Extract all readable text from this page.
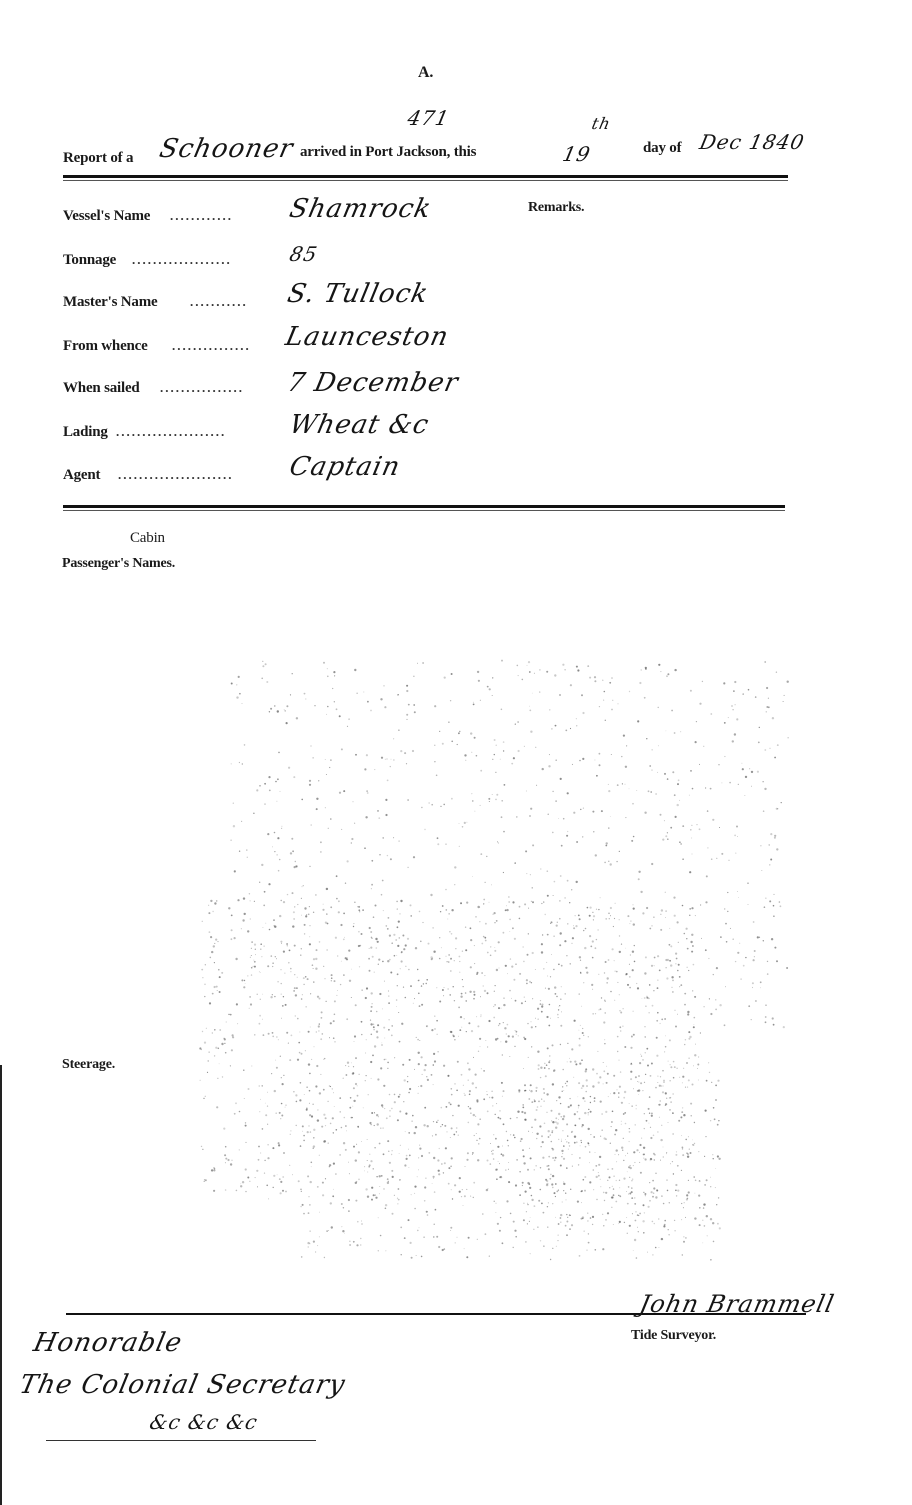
A.
471
Report of a Schooner arrived in Port Jackson, this	19
th
day of Dec 1840
Remarks.
Vessel's Name ............ Shamrock
Tonnage ...................	85
Master's Name	........... S. Tullock
From whence ............... Launceston
When sailed ................ 7 December
Lading ..................... Wheat &c
Agent ...................... Captain
Cabin
Passenger's Names.
Steerage.
John Brammell
Tide Surveyor.
Honorable
The Colonial Secretary
&c &c &c
